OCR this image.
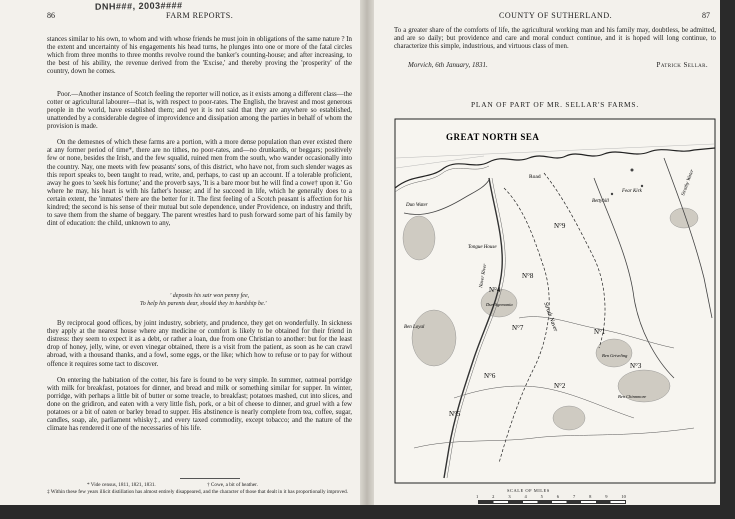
DNH###, 2003####
86	FARM REPORTS.

stances similar to his own, to whom and with whose friends he must join in obligations of the same nature ? In the extent and uncertainty of his engagements his head turns, he plunges into one or more of the fatal circles which from three months to three months revolve round the banker's counting-house; and after increasing, to the best of his ability, the revenue derived from the 'Excise,' and thereby proving the 'prosperity' of the country, down he comes.

Poor.—Another instance of Scotch feeling the reporter will notice, as it exists among a different class—the cotter or agricultural labourer—that is, with respect to poor-rates. The English, the bravest and most generous people in the world, have established them; and yet it is not said that they are anywhere so established, unattended by a considerable degree of improvidence and dissipation among the parties in behalf of whom the provision is made.

On the demesnes of which these farms are a portion, with a more dense population than ever existed there at any former period of time*, there are no tithes, no poor-rates, and—no drunkards, or beggars; positively few or none, besides the Irish, and the few squalid, ruined men from the south, who wander occasionally into the country. Nay, one meets with few peasants' sons, of this district, who have not, from such slender wages as this report speaks to, been taught to read, write, and, perhaps, to cast up an account. If a tolerable proficient, away he goes to 'seek his fortune;' and the proverb says, 'It is a bare moor but he will find a cowe† upon it.' Go where he may, his heart is with his father's house; and if he succeed in life, which he generally does to a certain extent, the 'inmates' there are the better for it. The first feeling of a Scotch peasant is affection for his kindred; the second is his sense of their mutual but sole dependence, under Providence, on industry and thrift, to save them from the shame of beggary. The parent wrestles hard to push forward some part of his family by dint of education: the child, unknown to any,

' deposits his sair won penny fee,
To help his parents dear, should they in hardship be.'

By reciprocal good offices, by joint industry, sobriety, and prudence, they get on wonderfully. In sickness they apply at the nearest house where any medicine or comfort is likely to be obtained for their friend in distress: they seem to expect it as a debt, or rather a loan, due from one Christian to another: but for the least drop of honey, jelly, wine, or even vinegar obtained, there is a visit from the patient, as soon as he can crawl abroad, with a thousand thanks, and a fowl, some eggs, or the like; which how to refuse or to pay for without offence it requires some tact to discover.

On entering the habitation of the cotter, his fare is found to be very simple. In summer, oatmeal porridge with milk for breakfast, potatoes for dinner, and bread and milk or something similar for supper. In winter, porridge, with perhaps a little bit of butter or some treacle, to breakfast; potatoes mashed, cut into slices, and done on the gridiron, and eaten with a very little fish, pork, or a bit of cheese to dinner, and gruel with a few potatoes or a bit of oaten or barley bread to supper. His abstinence is nearly complete from tea, coffee, sugar, candles, soap, ale, parliament whisky‡, and every taxed commodity, except tobacco; and the nature of the climate has rendered it one of the necessaries of his life.

* Vide census, 1811, 1821, 1831.	† Cowe, a bit of heather.
‡ Within these few years illicit distillation has almost entirely disappeared, and the character of those that dealt in it has proportionally improved.
COUNTY OF SUTHERLAND.	87
To a greater share of the comforts of life, the agricultural working man and his family may, doubtless, be admitted, and are so daily; but providence and care and moral conduct continue, and it is hoped will long continue, to characterize this simple, industrious, and virtuous class of men.
Morvich, 6th January, 1831.	Patrick Sellar.
PLAN OF PART OF MR. SELLAR'S FARMS.
GREAT NORTH SEA
Dun Water
Road
Fear Kirk
Bettyhill
Strathy Water
N°9
Tongue House
N°8
N°4
Dun Sgemania
Ben Loyal	Strath Naver
Naver River
N°7	N°1
Ben Griveling
N°3
N°6
N°2
Ben Chinnmore
N°5
SCALE OF MILES
1	2	3	4	5	6	7	8	9	10
